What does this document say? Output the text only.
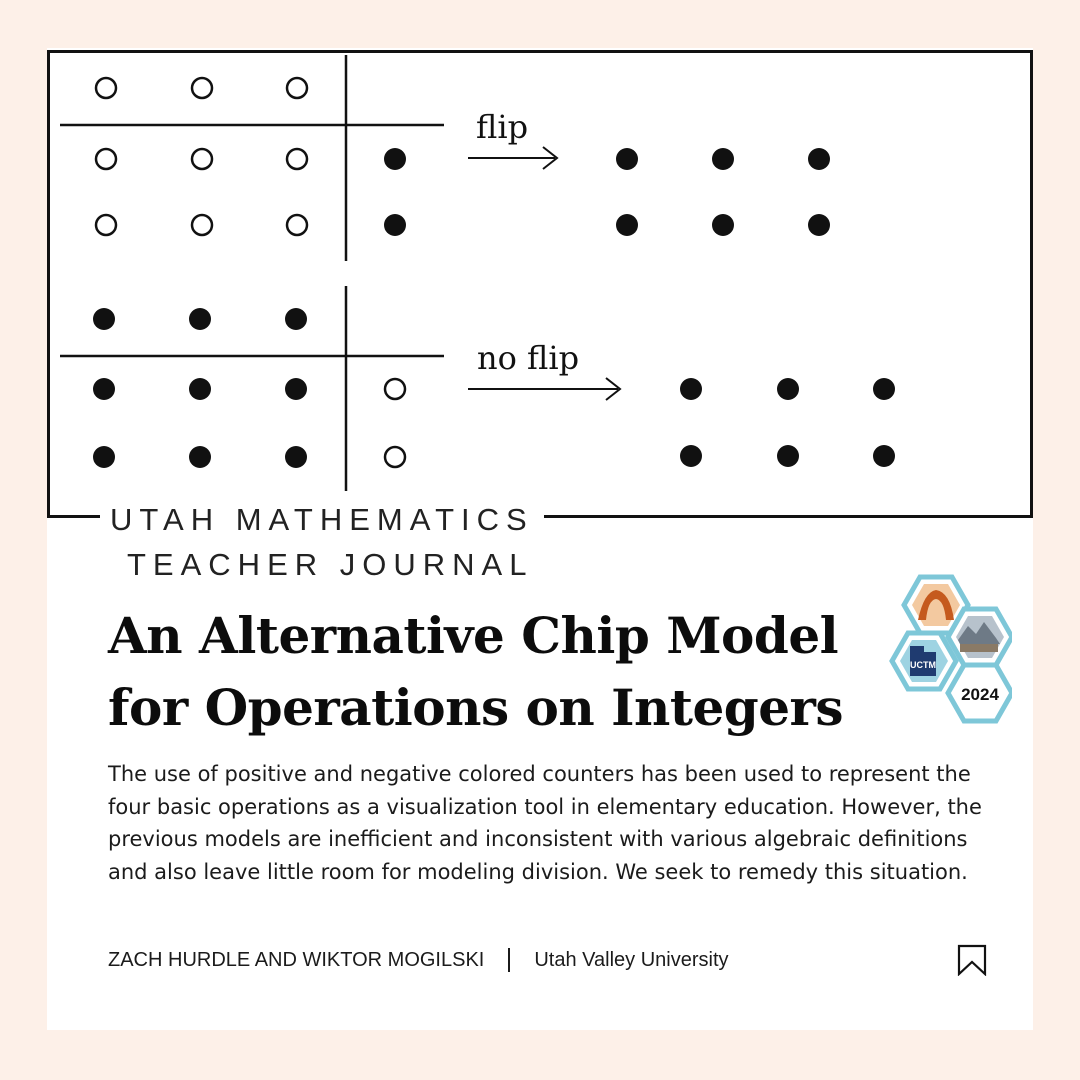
flip
no flip
UTAH MATHEMATICS
TEACHER JOURNAL
An Alternative Chip Model for Operations on Integers
UCTM
2024

The use of positive and negative colored counters has been used to represent the four basic operations as a visualization tool in elementary education. However, the previous models are inefficient and inconsistent with various algebraic definitions and also leave little room for modeling division. We seek to remedy this situation.

ZACH HURDLE AND WIKTOR MOGILSKI	Utah Valley University
